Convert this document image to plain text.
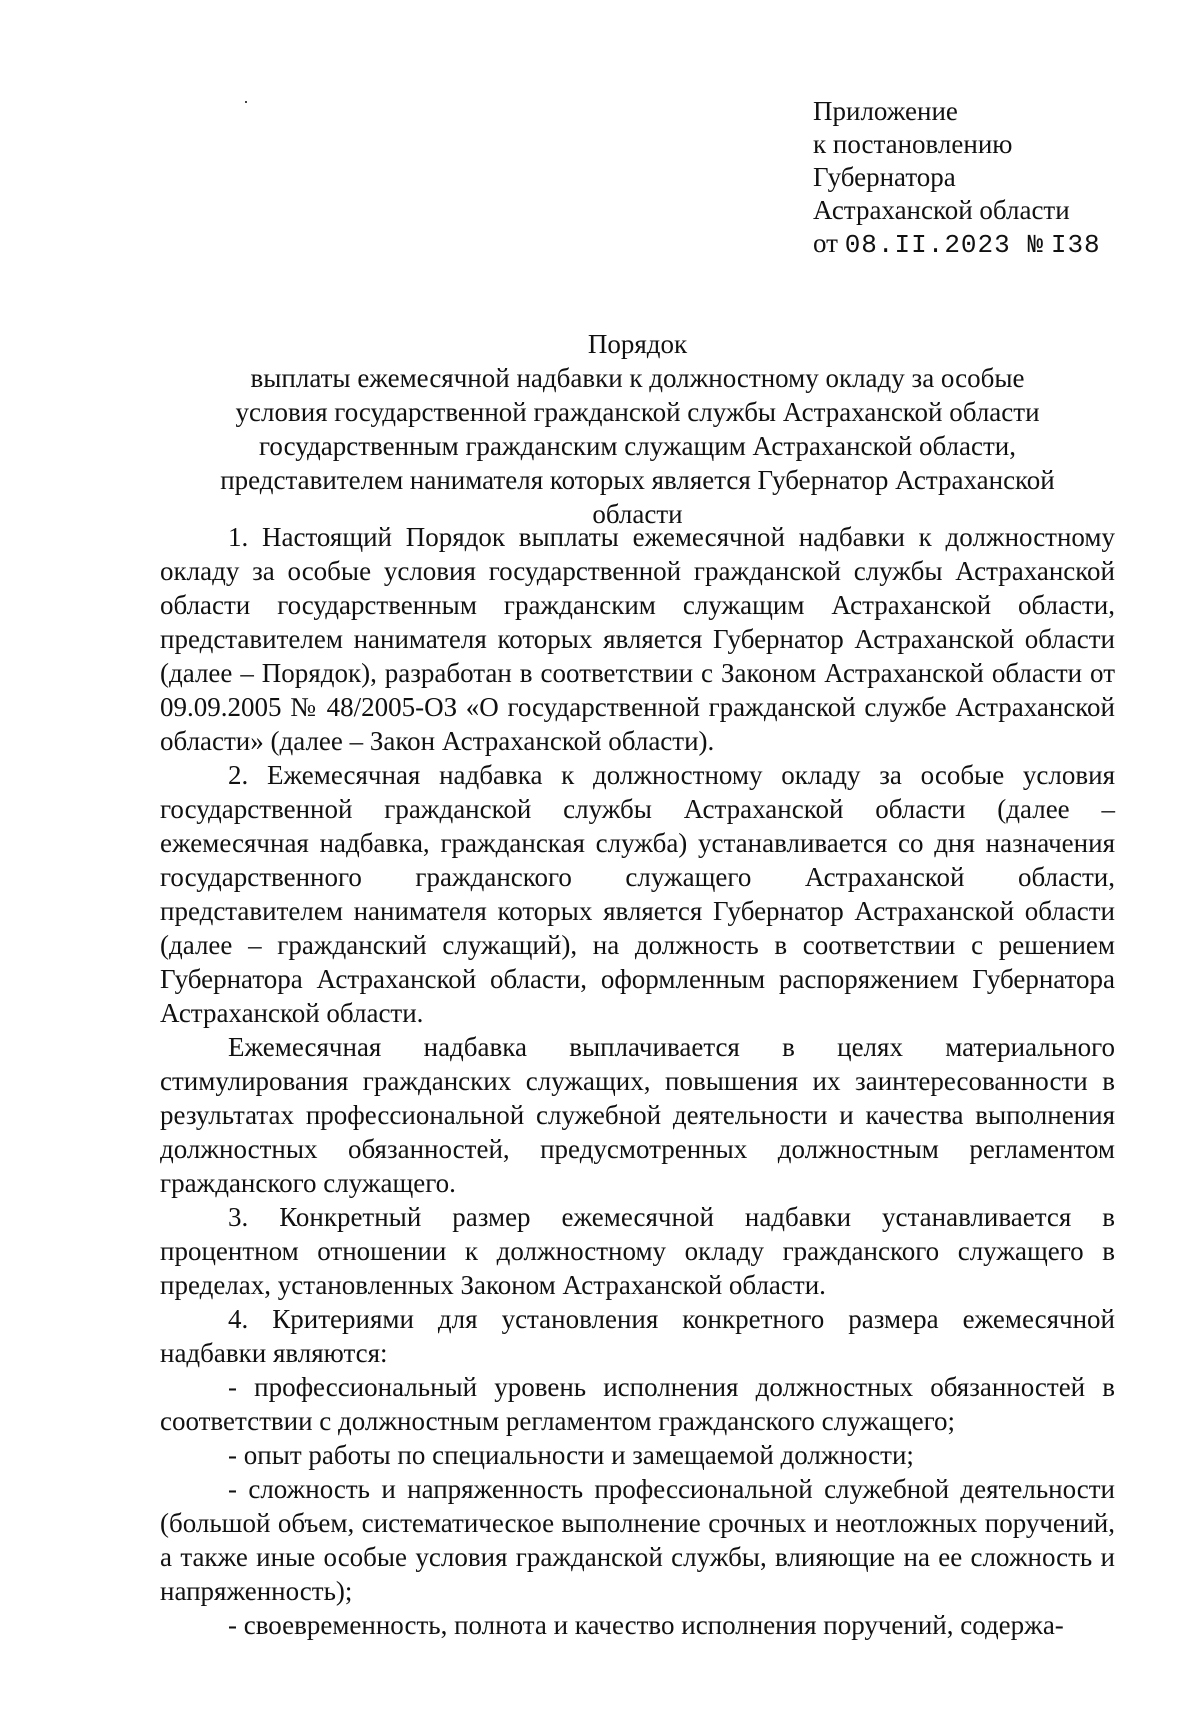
Приложение
к постановлению
Губернатора
Астраханской области
от 08.II.2023 № I38
Порядок
выплаты ежемесячной надбавки к должностному окладу за особые условия государственной гражданской службы Астраханской области государственным гражданским служащим Астраханской области, представителем нанимателя которых является Губернатор Астраханской области

1. Настоящий Порядок выплаты ежемесячной надбавки к должностному окладу за особые условия государственной гражданской службы Астраханской области государственным гражданским служащим Астраханской области, представителем нанимателя которых является Губернатор Астраханской области (далее – Порядок), разработан в соответствии с Законом Астраханской области от 09.09.2005 № 48/2005-ОЗ «О государственной гражданской службе Астраханской области» (далее – Закон Астраханской области).

2. Ежемесячная надбавка к должностному окладу за особые условия государственной гражданской службы Астраханской области (далее – ежемесячная надбавка, гражданская служба) устанавливается со дня назначения государственного гражданского служащего Астраханской области, представителем нанимателя которых является Губернатор Астраханской области (далее – гражданский служащий), на должность в соответствии с решением Губернатора Астраханской области, оформленным распоряжением Губернатора Астраханской области.

Ежемесячная надбавка выплачивается в целях материального стимулирования гражданских служащих, повышения их заинтересованности в результатах профессиональной служебной деятельности и качества выполнения должностных обязанностей, предусмотренных должностным регламентом гражданского служащего.

3. Конкретный размер ежемесячной надбавки устанавливается в процентном отношении к должностному окладу гражданского служащего в пределах, установленных Законом Астраханской области.

4. Критериями для установления конкретного размера ежемесячной надбавки являются:

- профессиональный уровень исполнения должностных обязанностей в соответствии с должностным регламентом гражданского служащего;

- опыт работы по специальности и замещаемой должности;

- сложность и напряженность профессиональной служебной деятельности (большой объем, систематическое выполнение срочных и неотложных поручений, а также иные особые условия гражданской службы, влияющие на ее сложность и напряженность);

- своевременность, полнота и качество исполнения поручений, содержа-
